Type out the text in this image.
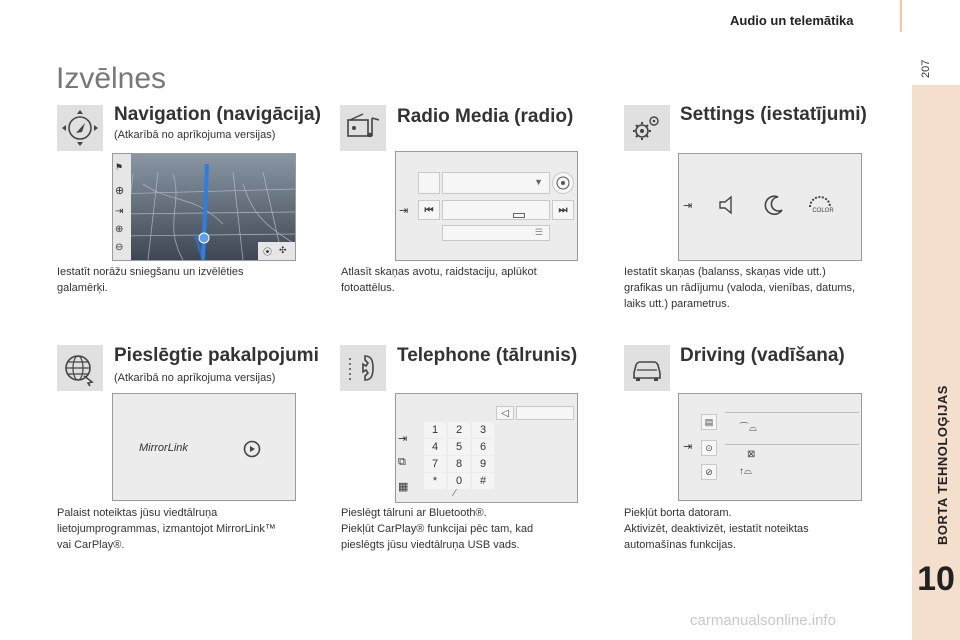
Audio un telemātika
207
BORTA TEHNOLOĢIJAS
10
carmanualsonline.info
Izvēlnes
Navigation (navigācija)
(Atkarībā no aprīkojuma versijas)
⚑
⊕
⇥
⊕
⊖	⦿ ✣

Iestatīt norāžu sniegšanu un izvēlēties

galamērķi.

Radio Media (radio)
▼
⇥	⏮	⏭
☰

Atlasīt skaņas avotu, raidstaciju, aplūkot

fotoattēlus.

Settings (iestatījumi)
⇥	COLOR

Iestatīt skaņas (balanss, skaņas vide utt.)

grafikas un rādījumu (valoda, vienības, datums,

laiks utt.) parametrus.

Pieslēgtie pakalpojumi
(Atkarībā no aprīkojuma versijas)
MirrorLink

Palaist noteiktas jūsu viedtālruņa

lietojumprogrammas, izmantojot MirrorLink™

vai CarPlay®.

Telephone (tālrunis)
⇥
⧉
▦
◁
1	2	3
4	5	6
7	8	9
*	0	#
⁄

Pieslēgt tālruni ar Bluetooth®.

Piekļūt CarPlay® funkcijai pēc tam, kad

pieslēgts jūsu viedtālruņa USB vads.

Driving (vadīšana)
⇥
▤
⊙
⊘
⌒⌓
⊠
↑⌓

Piekļūt borta datoram.

Aktivizēt, deaktivizēt, iestatīt noteiktas

automašīnas funkcijas.
